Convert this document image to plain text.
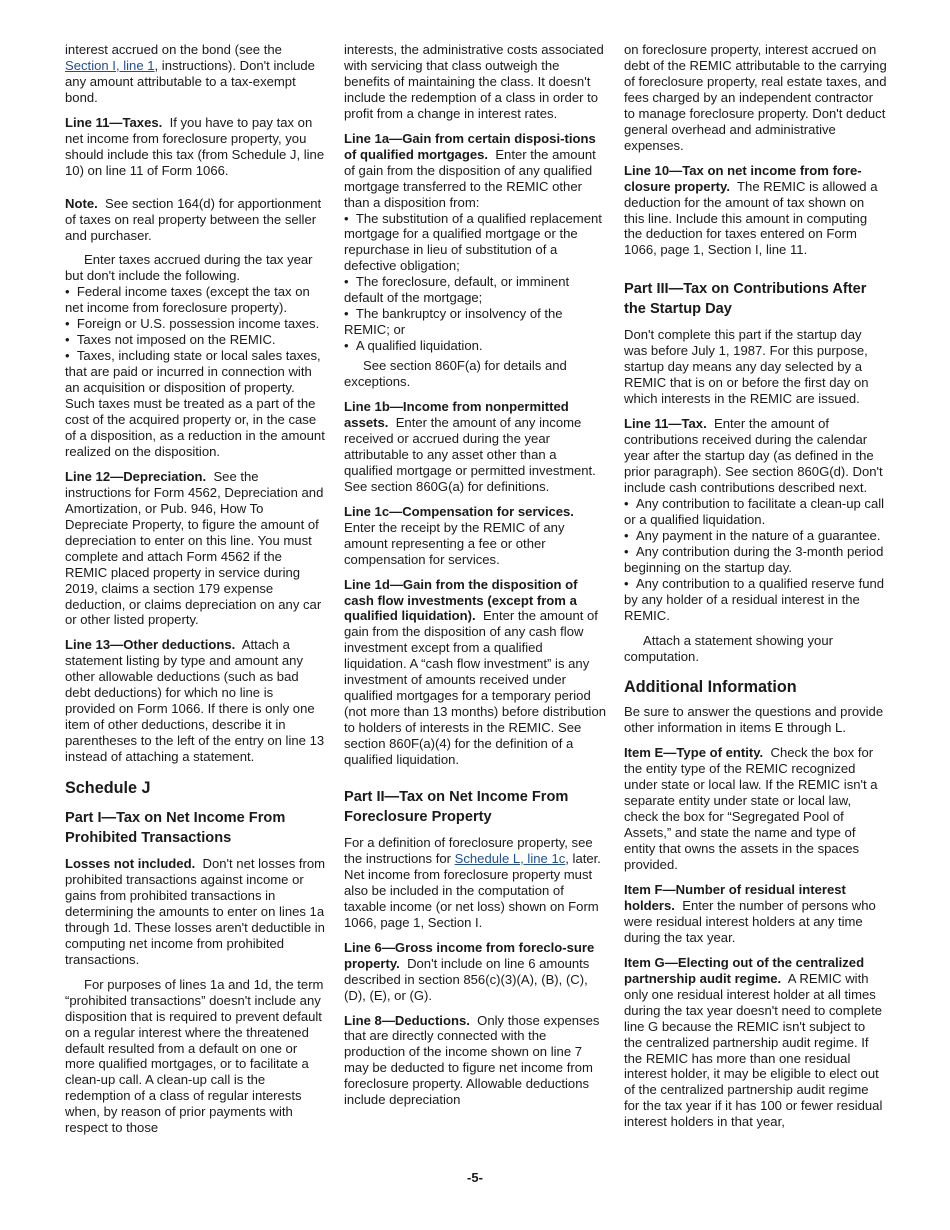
interest accrued on the bond (see the Section I, line 1, instructions). Don't include any amount attributable to a tax-exempt bond.

Line 11—Taxes. If you have to pay tax on net income from foreclosure property, you should include this tax (from Schedule J, line 10) on line 11 of Form 1066.

Note. See section 164(d) for apportionment of taxes on real property between the seller and purchaser.

Enter taxes accrued during the tax year but don't include the following.

•  Federal income taxes (except the tax on net income from foreclosure property).
•  Foreign or U.S. possession income taxes.
•  Taxes not imposed on the REMIC.
•  Taxes, including state or local sales taxes, that are paid or incurred in connection with an acquisition or disposition of property. Such taxes must be treated as a part of the cost of the acquired property or, in the case of a disposition, as a reduction in the amount realized on the disposition.

Line 12—Depreciation. See the instructions for Form 4562, Depreciation and Amortization, or Pub. 946, How To Depreciate Property, to figure the amount of depreciation to enter on this line. You must complete and attach Form 4562 if the REMIC placed property in service during 2019, claims a section 179 expense deduction, or claims depreciation on any car or other listed property.

Line 13—Other deductions. Attach a statement listing by type and amount any other allowable deductions (such as bad debt deductions) for which no line is provided on Form 1066. If there is only one item of other deductions, describe it in parentheses to the left of the entry on line 13 instead of attaching a statement.

Schedule J
Part I—Tax on Net Income From Prohibited Transactions

Losses not included. Don't net losses from prohibited transactions against income or gains from prohibited transactions in determining the amounts to enter on lines 1a through 1d. These losses aren't deductible in computing net income from prohibited transactions.

For purposes of lines 1a and 1d, the term “prohibited transactions” doesn't include any disposition that is required to prevent default on a regular interest where the threatened default resulted from a default on one or more qualified mortgages, or to facilitate a clean-up call. A clean-up call is the redemption of a class of regular interests when, by reason of prior payments with respect to those

interests, the administrative costs associated with servicing that class outweigh the benefits of maintaining the class. It doesn't include the redemption of a class in order to profit from a change in interest rates.

Line 1a—Gain from certain disposi-tions of qualified mortgages. Enter the amount of gain from the disposition of any qualified mortgage transferred to the REMIC other than a disposition from:

•  The substitution of a qualified replacement mortgage for a qualified mortgage or the repurchase in lieu of substitution of a defective obligation;
•  The foreclosure, default, or imminent default of the mortgage;
•  The bankruptcy or insolvency of the REMIC; or
•  A qualified liquidation.

See section 860F(a) for details and exceptions.

Line 1b—Income from nonpermitted assets. Enter the amount of any income received or accrued during the year attributable to any asset other than a qualified mortgage or permitted investment. See section 860G(a) for definitions.

Line 1c—Compensation for services.  Enter the receipt by the REMIC of any amount representing a fee or other compensation for services.

Line 1d—Gain from the disposition of cash flow investments (except from a qualified liquidation). Enter the amount of gain from the disposition of any cash flow investment except from a qualified liquidation. A “cash flow investment” is any investment of amounts received under qualified mortgages for a temporary period (not more than 13 months) before distribution to holders of interests in the REMIC. See section 860F(a)(4) for the definition of a qualified liquidation.

Part II—Tax on Net Income From Foreclosure Property

For a definition of foreclosure property, see the instructions for Schedule L, line 1c, later. Net income from foreclosure property must also be included in the computation of taxable income (or net loss) shown on Form 1066, page 1, Section I.

Line 6—Gross income from foreclo-sure property. Don't include on line 6 amounts described in section 856(c)(3)(A), (B), (C), (D), (E), or (G).

Line 8—Deductions. Only those expenses that are directly connected with the production of the income shown on line 7 may be deducted to figure net income from foreclosure property. Allowable deductions include depreciation

on foreclosure property, interest accrued on debt of the REMIC attributable to the carrying of foreclosure property, real estate taxes, and fees charged by an independent contractor to manage foreclosure property. Don't deduct general overhead and administrative expenses.

Line 10—Tax on net income from fore-closure property. The REMIC is allowed a deduction for the amount of tax shown on this line. Include this amount in computing the deduction for taxes entered on Form 1066, page 1, Section I, line 11.

Part III—Tax on Contributions After the Startup Day

Don't complete this part if the startup day was before July 1, 1987. For this purpose, startup day means any day selected by a REMIC that is on or before the first day on which interests in the REMIC are issued.

Line 11—Tax. Enter the amount of contributions received during the calendar year after the startup day (as defined in the prior paragraph). See section 860G(d). Don't include cash contributions described next.

•  Any contribution to facilitate a clean-up call or a qualified liquidation.
•  Any payment in the nature of a guarantee.
•  Any contribution during the 3-month period beginning on the startup day.
•  Any contribution to a qualified reserve fund by any holder of a residual interest in the REMIC.

Attach a statement showing your computation.

Additional Information

Be sure to answer the questions and provide other information in items E through L.

Item E—Type of entity. Check the box for the entity type of the REMIC recognized under state or local law. If the REMIC isn't a separate entity under state or local law, check the box for “Segregated Pool of Assets,” and state the name and type of entity that owns the assets in the spaces provided.

Item F—Number of residual interest holders. Enter the number of persons who were residual interest holders at any time during the tax year.

Item G—Electing out of the centralized partnership audit regime. A REMIC with only one residual interest holder at all times during the tax year doesn't need to complete line G because the REMIC isn't subject to the centralized partnership audit regime. If the REMIC has more than one residual interest holder, it may be eligible to elect out of the centralized partnership audit regime for the tax year if it has 100 or fewer residual interest holders in that year,

-5-
